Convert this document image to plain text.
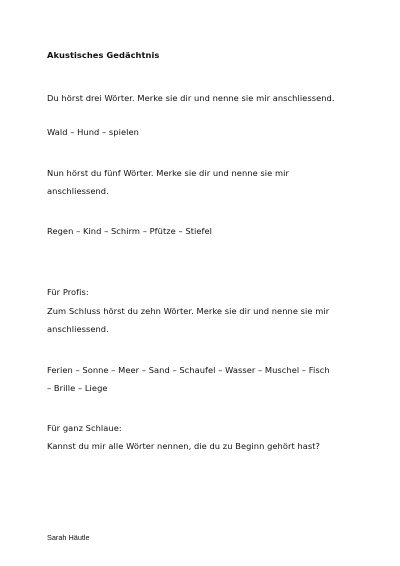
Akustisches Gedächtnis
Du hörst drei Wörter. Merke sie dir und nenne sie mir anschliessend.
Wald – Hund – spielen
Nun hörst du fünf Wörter. Merke sie dir und nenne sie mir
anschliessend.
Regen – Kind – Schirm – Pfütze – Stiefel
Für Profis:
Zum Schluss hörst du zehn Wörter. Merke sie dir und nenne sie mir
anschliessend.
Ferien – Sonne – Meer – Sand – Schaufel – Wasser – Muschel – Fisch
– Brille – Liege
Für ganz Schlaue:
Kannst du mir alle Wörter nennen, die du zu Beginn gehört hast?
Sarah Häutle
